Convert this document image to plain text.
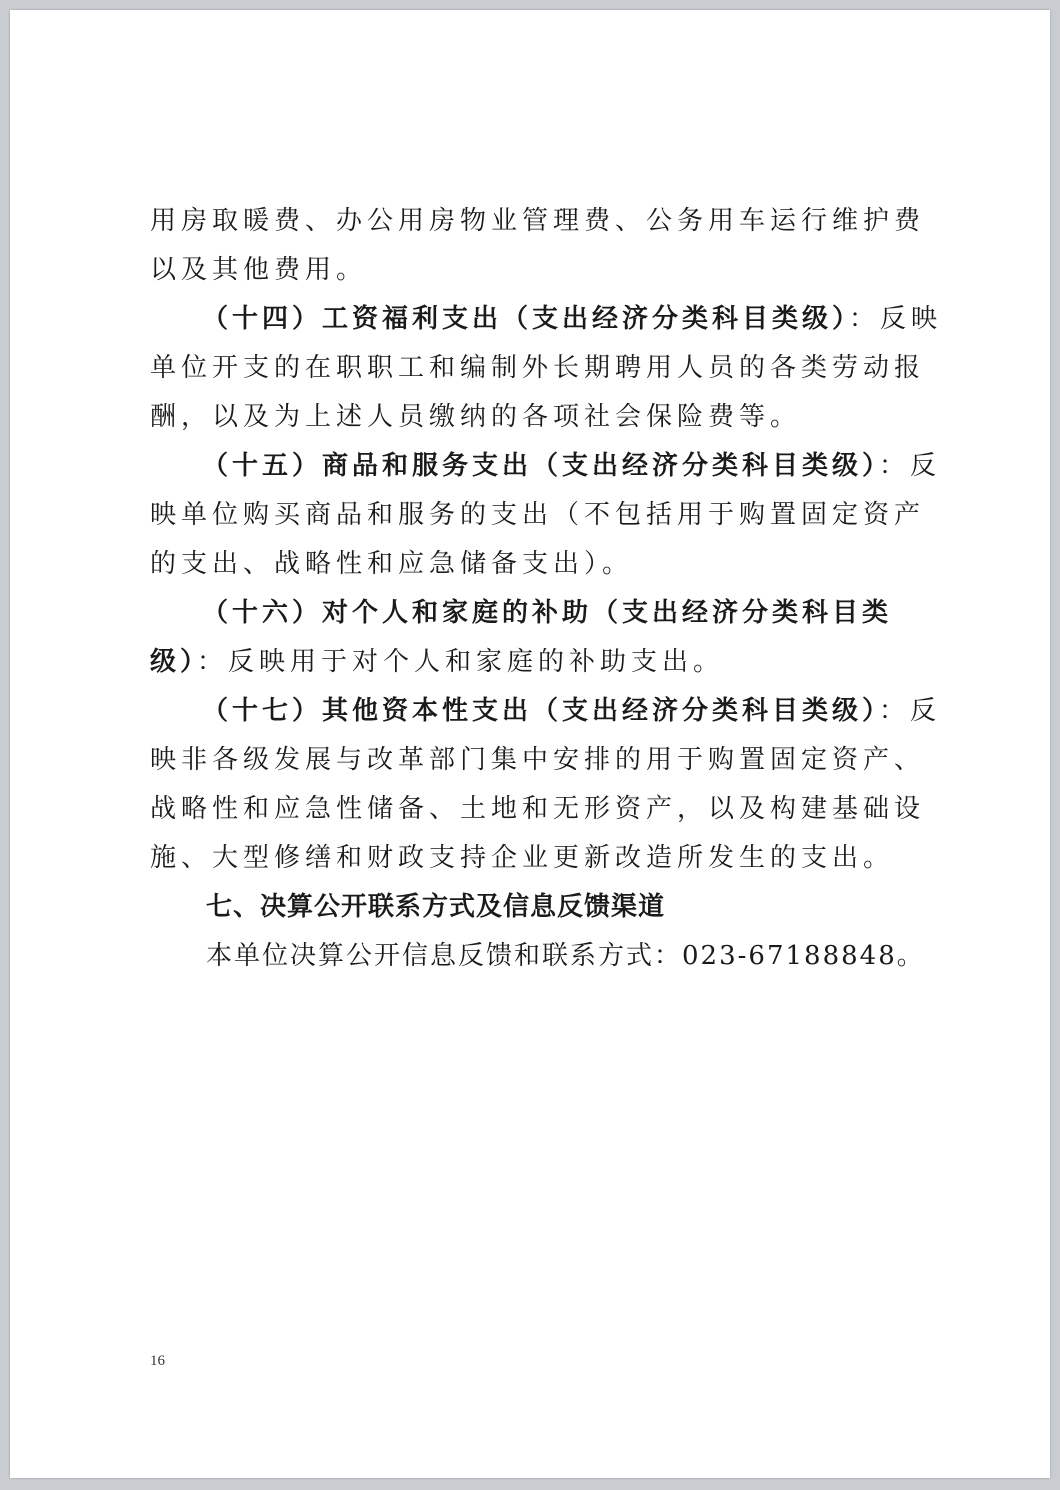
用房取暖费、办公用房物业管理费、公务用车运行维护费以及其他费用。

（十四）工资福利支出（支出经济分类科目类级）：反映单位开支的在职职工和编制外长期聘用人员的各类劳动报酬，以及为上述人员缴纳的各项社会保险费等。

（十五）商品和服务支出（支出经济分类科目类级）：反映单位购买商品和服务的支出（不包括用于购置固定资产的支出、战略性和应急储备支出）。

（十六）对个人和家庭的补助（支出经济分类科目类级）：反映用于对个人和家庭的补助支出。

（十七）其他资本性支出（支出经济分类科目类级）：反映非各级发展与改革部门集中安排的用于购置固定资产、战略性和应急性储备、土地和无形资产，以及构建基础设施、大型修缮和财政支持企业更新改造所发生的支出。

七、决算公开联系方式及信息反馈渠道

本单位决算公开信息反馈和联系方式：023-67188848。

16
